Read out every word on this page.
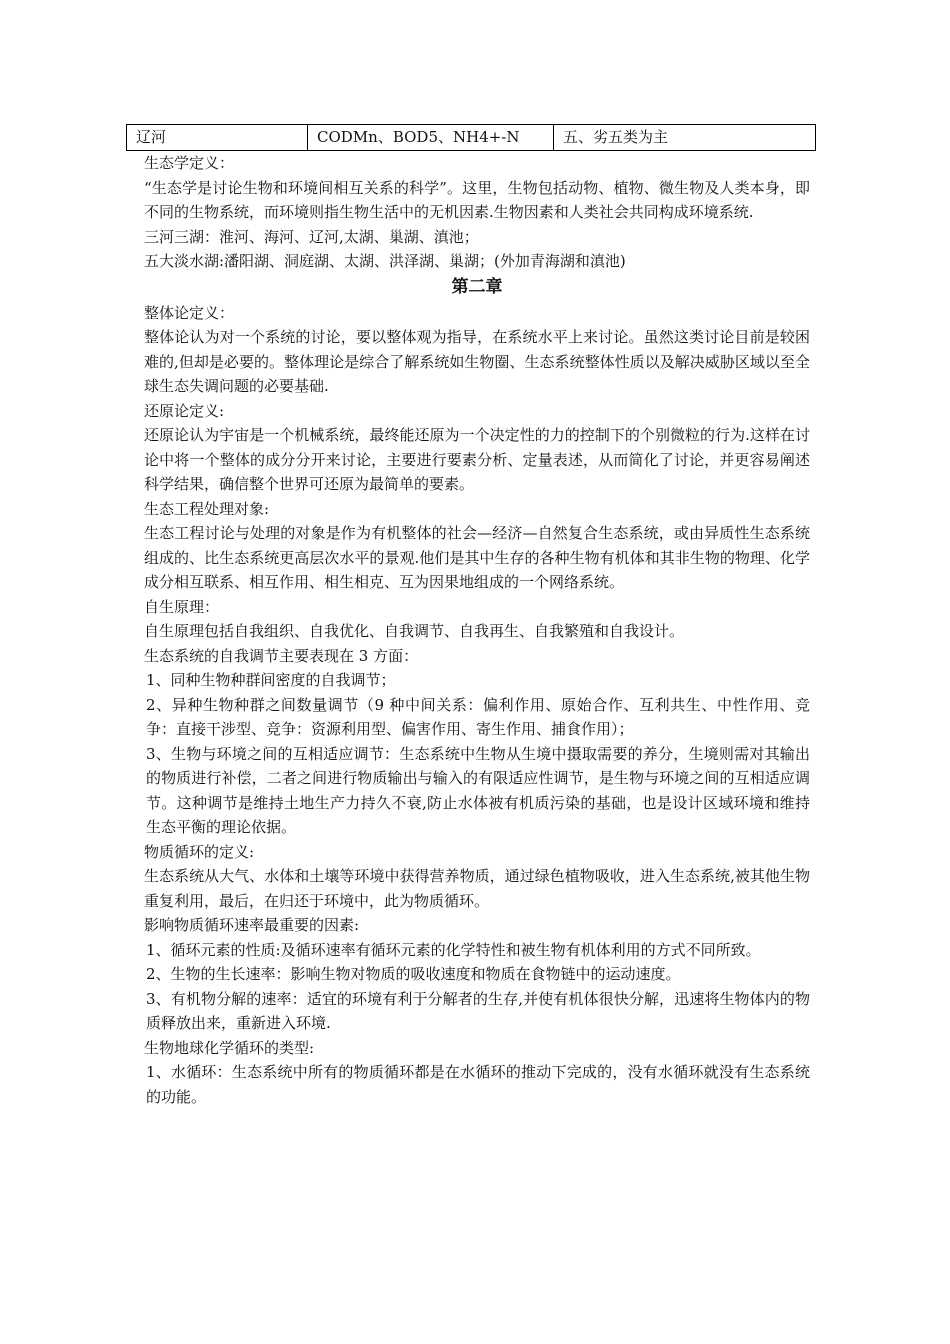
辽河	CODMn、BOD5、NH4+-N	五、劣五类为主

生态学定义：

“生态学是讨论生物和环境间相互关系的科学”。这里，生物包括动物、植物、微生物及人类本身，即不同的生物系统，而环境则指生物生活中的无机因素.生物因素和人类社会共同构成环境系统.

三河三湖：淮河、海河、辽河,太湖、巢湖、滇池；

五大淡水湖:潘阳湖、洞庭湖、太湖、洪泽湖、巢湖；(外加青海湖和滇池)

第二章

整体论定义：

整体论认为对一个系统的讨论，要以整体观为指导，在系统水平上来讨论。虽然这类讨论目前是较困难的,但却是必要的。整体理论是综合了解系统如生物圈、生态系统整体性质以及解决威胁区域以至全球生态失调问题的必要基础.

还原论定义:

还原论认为宇宙是一个机械系统，最终能还原为一个决定性的力的控制下的个别微粒的行为.这样在讨论中将一个整体的成分分开来讨论，主要进行要素分析、定量表述，从而简化了讨论，并更容易阐述科学结果，确信整个世界可还原为最简单的要素。

生态工程处理对象:

生态工程讨论与处理的对象是作为有机整体的社会—经济—自然复合生态系统，或由异质性生态系统组成的、比生态系统更高层次水平的景观.他们是其中生存的各种生物有机体和其非生物的物理、化学成分相互联系、相互作用、相生相克、互为因果地组成的一个网络系统。

自生原理：

自生原理包括自我组织、自我优化、自我调节、自我再生、自我繁殖和自我设计。

生态系统的自我调节主要表现在 3 方面：

1、同种生物种群间密度的自我调节；

2、异种生物种群之间数量调节（9 种中间关系：偏利作用、原始合作、互利共生、中性作用、竞争：直接干涉型、竞争：资源利用型、偏害作用、寄生作用、捕食作用）；

3、生物与环境之间的互相适应调节：生态系统中生物从生境中摄取需要的养分，生境则需对其输出的物质进行补偿，二者之间进行物质输出与输入的有限适应性调节，是生物与环境之间的互相适应调节。这种调节是维持土地生产力持久不衰,防止水体被有机质污染的基础，也是设计区域环境和维持生态平衡的理论依据。

物质循环的定义:

生态系统从大气、水体和土壤等环境中获得营养物质，通过绿色植物吸收，进入生态系统,被其他生物重复利用，最后，在归还于环境中，此为物质循环。

影响物质循环速率最重要的因素:

1、循环元素的性质:及循环速率有循环元素的化学特性和被生物有机体利用的方式不同所致。

2、生物的生长速率：影响生物对物质的吸收速度和物质在食物链中的运动速度。

3、有机物分解的速率：适宜的环境有利于分解者的生存,并使有机体很快分解，迅速将生物体内的物质释放出来，重新进入环境.

生物地球化学循环的类型:

1、水循环：生态系统中所有的物质循环都是在水循环的推动下完成的，没有水循环就没有生态系统的功能。
